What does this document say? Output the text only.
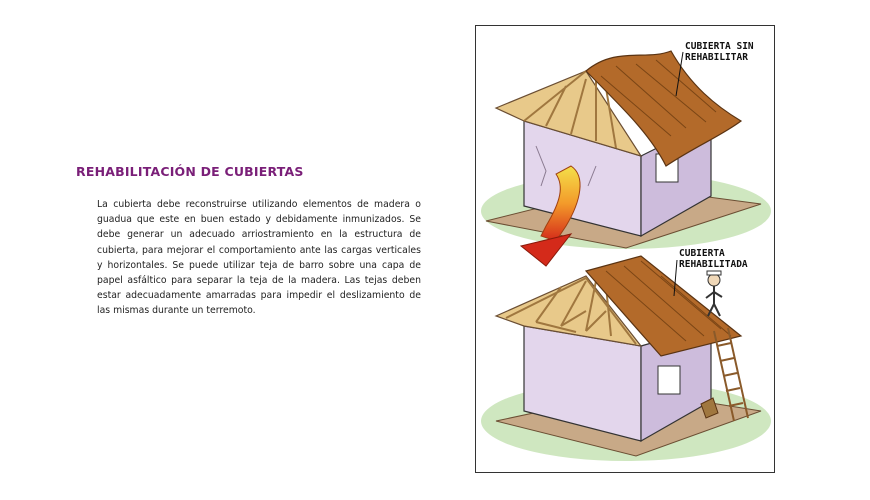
REHABILITACIÓN DE CUBIERTAS

La cubierta debe reconstruirse utilizando elementos de madera o guadua que este en buen estado y debidamente inmunizados. Se debe generar un adecuado arriostramiento en la estructura de cubierta, para mejorar el comportamiento ante las cargas verticales y horizontales. Se puede utilizar teja de barro sobre una capa de papel asfáltico para separar la teja de la madera. Las tejas deben estar adecuadamente amarradas para impedir el deslizamiento de las mismas durante un terremoto.

CUBIERTA SIN
REHABILITAR
CUBIERTA
REHABILITADA
